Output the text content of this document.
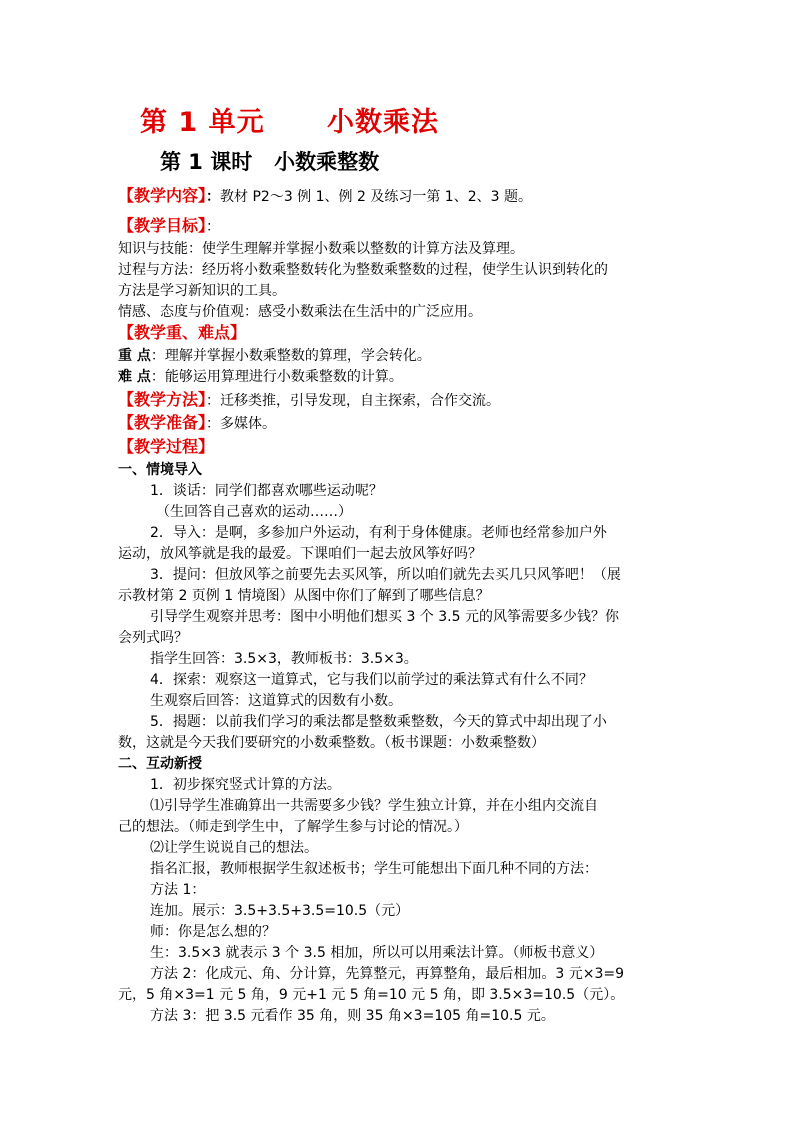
第 1 单元      小数乘法
第 1 课时   小数乘整数
【教学内容】：教材 P2～3 例 1、例 2 及练习一第 1、2、3 题。
【教学目标】：
知识与技能：使学生理解并掌握小数乘以整数的计算方法及算理。
过程与方法：经历将小数乘整数转化为整数乘整数的过程，使学生认识到转化的
方法是学习新知识的工具。
情感、态度与价值观：感受小数乘法在生活中的广泛应用。
【教学重、难点】
重 点：理解并掌握小数乘整数的算理，学会转化。
难 点：能够运用算理进行小数乘整数的计算。
【教学方法】：迁移类推，引导发现，自主探索，合作交流。
【教学准备】：多媒体。
【教学过程】
一、情境导入
1．谈话：同学们都喜欢哪些运动呢？
（生回答自己喜欢的运动……）
2．导入：是啊，多参加户外运动，有利于身体健康。老师也经常参加户外
运动，放风筝就是我的最爱。下课咱们一起去放风筝好吗？
3．提问：但放风筝之前要先去买风筝，所以咱们就先去买几只风筝吧！（展
示教材第 2 页例 1 情境图）从图中你们了解到了哪些信息？
引导学生观察并思考：图中小明他们想买 3 个 3.5 元的风筝需要多少钱？你
会列式吗？
指学生回答：3.5×3，教师板书：3.5×3。
4．探索：观察这一道算式，它与我们以前学过的乘法算式有什么不同？
生观察后回答：这道算式的因数有小数。
5．揭题：以前我们学习的乘法都是整数乘整数，今天的算式中却出现了小
数，这就是今天我们要研究的小数乘整数。（板书课题：小数乘整数）
二、互动新授
1．初步探究竖式计算的方法。
⑴引导学生准确算出一共需要多少钱？学生独立计算，并在小组内交流自
己的想法。（师走到学生中，了解学生参与讨论的情况。）
⑵让学生说说自己的想法。
指名汇报，教师根据学生叙述板书；学生可能想出下面几种不同的方法：
方法 1：
连加。展示：3.5+3.5+3.5=10.5（元）
师：你是怎么想的？
生：3.5×3 就表示 3 个 3.5 相加，所以可以用乘法计算。（师板书意义）
方法 2：化成元、角、分计算，先算整元，再算整角，最后相加。3 元×3=9
元，5 角×3=1 元 5 角，9 元+1 元 5 角=10 元 5 角，即 3.5×3=10.5（元）。
方法 3：把 3.5 元看作 35 角，则 35 角×3=105 角=10.5 元。
